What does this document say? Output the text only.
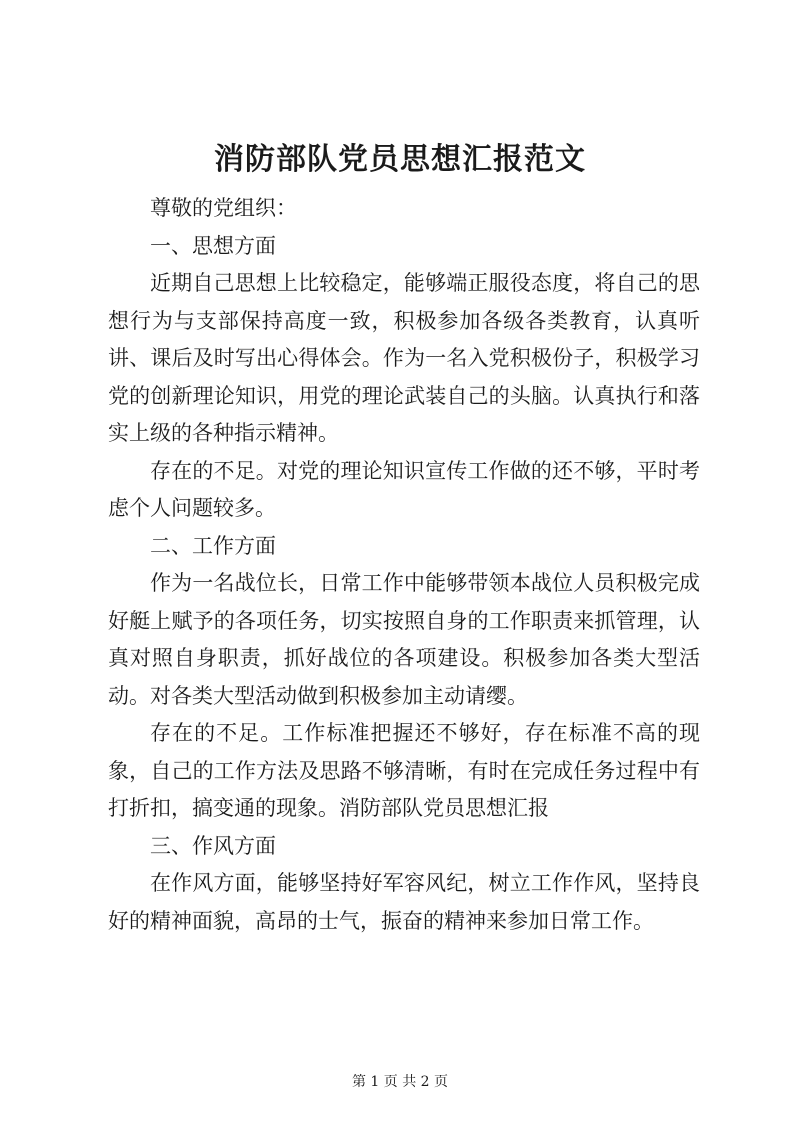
消防部队党员思想汇报范文

尊敬的党组织：

一、思想方面

近期自己思想上比较稳定，能够端正服役态度，将自己的思想行为与支部保持高度一致，积极参加各级各类教育，认真听讲、课后及时写出心得体会。作为一名入党积极份子，积极学习党的创新理论知识，用党的理论武装自己的头脑。认真执行和落实上级的各种指示精神。

存在的不足。对党的理论知识宣传工作做的还不够，平时考虑个人问题较多。

二、工作方面

作为一名战位长，日常工作中能够带领本战位人员积极完成好艇上赋予的各项任务，切实按照自身的工作职责来抓管理，认真对照自身职责，抓好战位的各项建设。积极参加各类大型活动。对各类大型活动做到积极参加主动请缨。

存在的不足。工作标准把握还不够好，存在标准不高的现象，自己的工作方法及思路不够清晰，有时在完成任务过程中有打折扣，搞变通的现象。消防部队党员思想汇报

三、作风方面

在作风方面，能够坚持好军容风纪，树立工作作风，坚持良好的精神面貌，高昂的士气，振奋的精神来参加日常工作。

第 1 页 共 2 页
